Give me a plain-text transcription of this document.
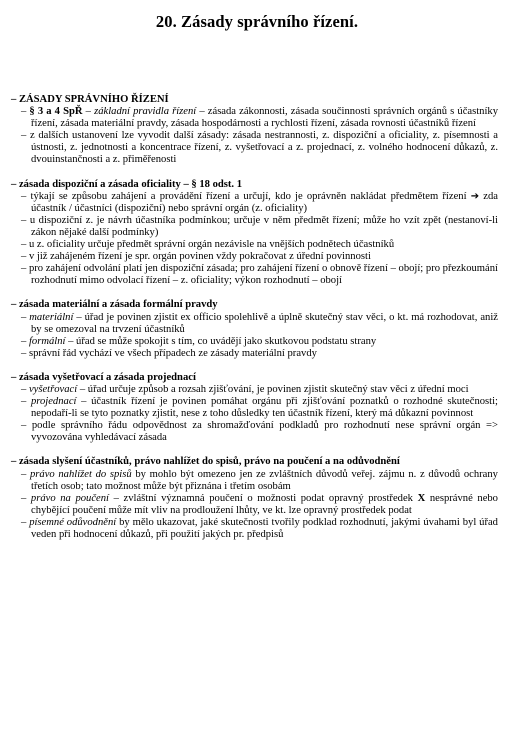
20. Zásady správního řízení.
– ZÁSADY SPRÁVNÍHO ŘÍZENÍ
– § 3 a 4 SpŘ – základní pravidla řízení – zásada zákonnosti, zásada součinnosti správních orgánů s účastníky řízení, zásada materiální pravdy, zásada hospodárnosti a rychlosti řízení, zásada rovnosti účastníků řízení
– z dalších ustanovení lze vyvodit další zásady: zásada nestrannosti, z. dispoziční a oficiality, z. písemnosti a ústnosti, z. jednotnosti a koncentrace řízení, z. vyšetřovací a z. projednací, z. volného hodnocení důkazů, z. dvouinstančnosti a z. přiměřenosti
– zásada dispoziční a zásada oficiality – § 18 odst. 1
– týkají se způsobu zahájení a provádění řízení a určují, kdo je oprávněn nakládat předmětem řízení ➔ zda účastník / účastníci (dispoziční) nebo správní orgán (z. oficiality)
– u dispoziční z. je návrh účastníka podmínkou; určuje v něm předmět řízení; může ho vzít zpět (nestanoví-li zákon nějaké další podmínky)
– u z. oficiality určuje předmět správní orgán nezávisle na vnějších podnětech účastníků
– v již zahájeném řízení je spr. orgán povinen vždy pokračovat z úřední povinnosti
– pro zahájení odvolání platí jen dispoziční zásada; pro zahájení řízení o obnově řízení – obojí; pro přezkoumání rozhodnutí mimo odvolací řízení – z. oficiality; výkon rozhodnutí – obojí
– zásada materiální a zásada formální pravdy
– materiální – úřad je povinen zjistit ex officio spolehlivě a úplně skutečný stav věci, o kt. má rozhodovat, aniž by se omezoval na trvzení účastníků
– formální – úřad se může spokojit s tím, co uvádějí jako skutkovou podstatu strany
– správní řád vychází ve všech případech ze zásady materiální pravdy
– zásada vyšetřovací a zásada projednací
– vyšetřovací – úřad určuje způsob a rozsah zjišťování, je povinen zjistit skutečný stav věci z úřední moci
– projednací – účastník řízení je povinen pomáhat orgánu při zjišťování poznatků o rozhodné skutečnosti; nepodaří-li se tyto poznatky zjistit, nese z toho důsledky ten účastník řízení, který má důkazní povinnost
– podle správního řádu odpovědnost za shromažďování podkladů pro rozhodnutí nese správní orgán => vyvozována vyhledávací zásada
– zásada slyšení účastníků, právo nahlížet do spisů, právo na poučení a na odůvodnění
– právo nahlížet do spisů by mohlo být omezeno jen ze zvláštních důvodů veřej. zájmu n. z důvodů ochrany třetích osob; tato možnost může být přiznána i třetím osobám
– právo na poučení – zvláštní významná poučení o možnosti podat opravný prostředek X nesprávné nebo chybějící poučení může mít vliv na prodloužení lhůty, ve kt. lze opravný prostředek podat
– písemné odůvodnění by mělo ukazovat, jaké skutečnosti tvořily podklad rozhodnutí, jakými úvahami byl úřad veden při hodnocení důkazů, při použití jakých pr. předpisů
